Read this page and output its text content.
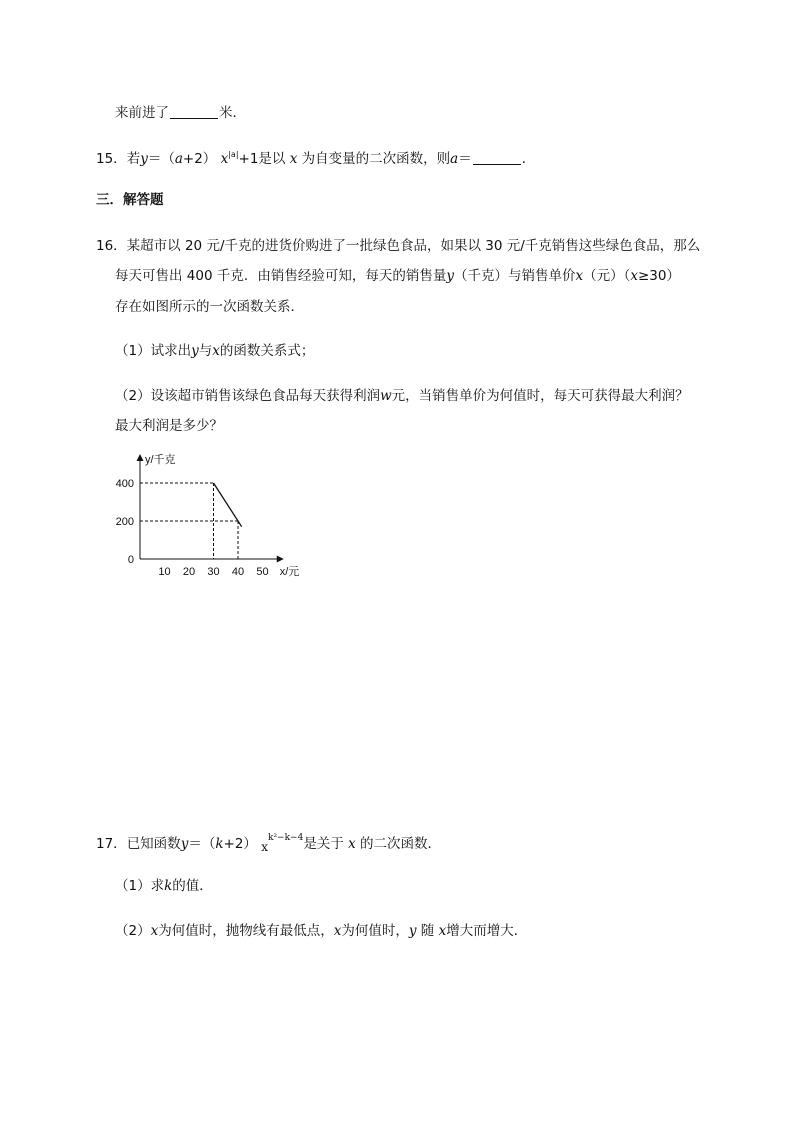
来前进了	米．
15．若y＝（a+2） $x^{|a|}+1$是以 x 为自变量的二次函数，则a＝	．
三．解答题
16．某超市以 20 元/千克的进货价购进了一批绿色食品，如果以 30 元/千克销售这些绿色食品，那么
每天可售出 400 千克．由销售经验可知，每天的销售量y（千克）与销售单价x（元）（x≥30）
存在如图所示的一次函数关系．
（1）试求出y与x的函数关系式；
（2）设该超市销售该绿色食品每天获得利润w元，当销售单价为何值时，每天可获得最大利润？
最大利润是多少？
y/千克
x/元
10 20 30 40 50
0
200
400
17．已知函数y＝（k+2） $x^{k^2-k-4}$是关于 x 的二次函数．
（1）求k的值．
（2）x为何值时，抛物线有最低点，x为何值时，y 随 x增大而增大．
